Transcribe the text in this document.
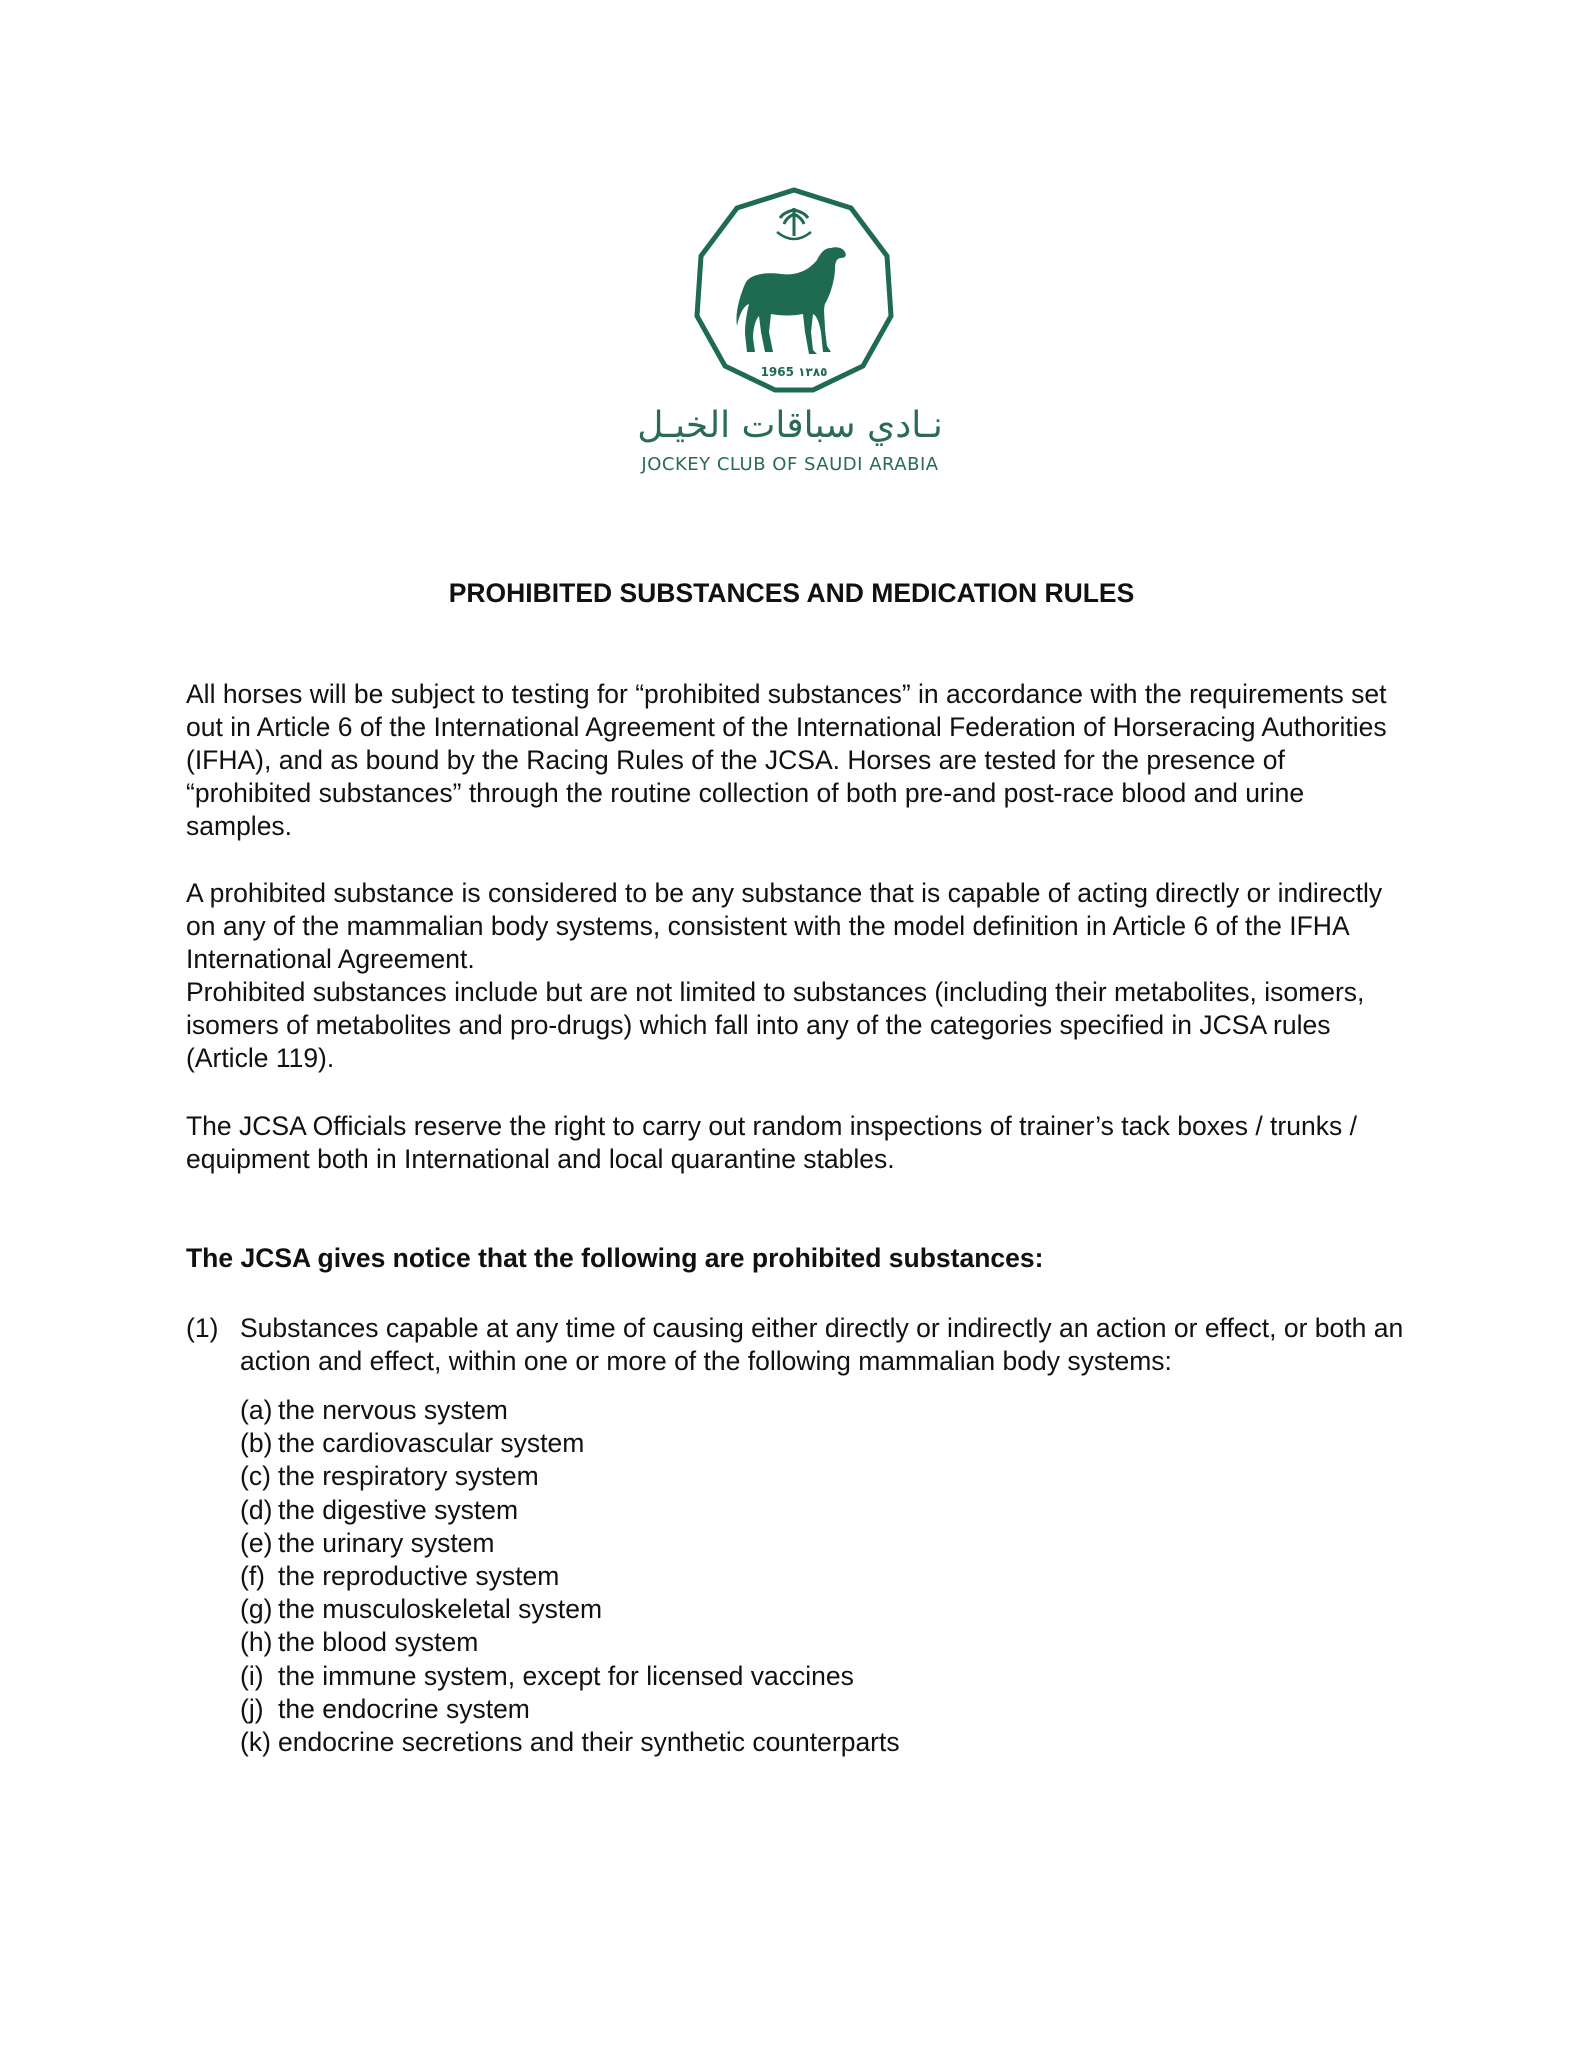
1965 ١٣٨٥
نـادي سباقات الخيـل
JOCKEY CLUB OF SAUDI ARABIA
PROHIBITED SUBSTANCES AND MEDICATION RULES
All horses will be subject to testing for “prohibited substances” in accordance with the requirements set out in Article 6 of the International Agreement of the International Federation of Horseracing Authorities (IFHA), and as bound by the Racing Rules of the JCSA. Horses are tested for the presence of “prohibited substances” through the routine collection of both pre-and post-race blood and urine samples.
A prohibited substance is considered to be any substance that is capable of acting directly or indirectly on any of the mammalian body systems, consistent with the model definition in Article 6 of the IFHA International Agreement.
Prohibited substances include but are not limited to substances (including their metabolites, isomers, isomers of metabolites and pro-drugs) which fall into any of the categories specified in JCSA rules (Article 119).
The JCSA Officials reserve the right to carry out random inspections of trainer’s tack boxes / trunks / equipment both in International and local quarantine stables.
The JCSA gives notice that the following are prohibited substances:
(1) Substances capable at any time of causing either directly or indirectly an action or effect, or both an action and effect, within one or more of the following mammalian body systems:
(a) the nervous system
(b) the cardiovascular system
(c) the respiratory system
(d) the digestive system
(e) the urinary system
(f) the reproductive system
(g) the musculoskeletal system
(h) the blood system
(i) the immune system, except for licensed vaccines
(j) the endocrine system
(k) endocrine secretions and their synthetic counterparts
